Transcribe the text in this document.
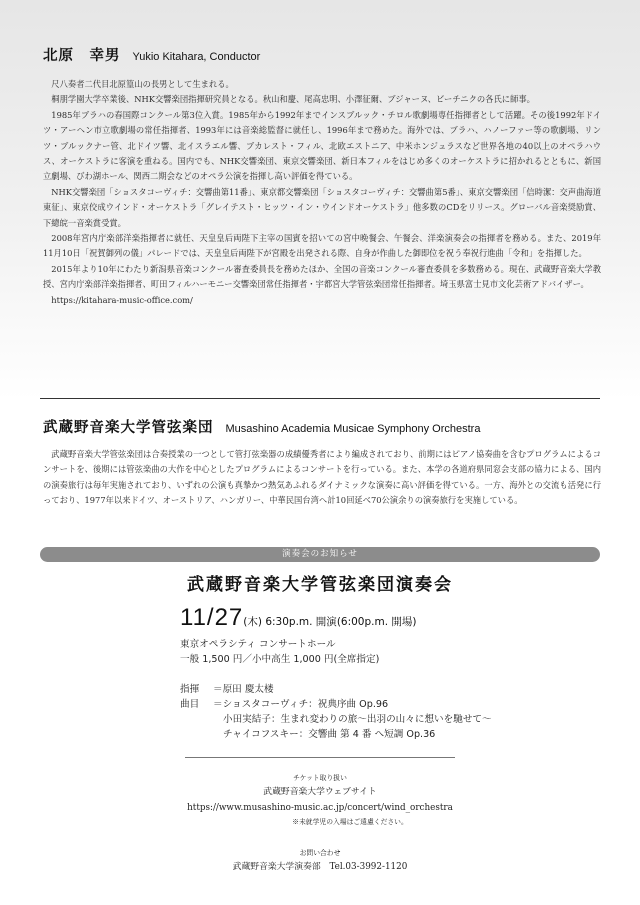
北原　幸男 Yukio Kitahara, Conductor

尺八奏者二代目北原篁山の長男として生まれる。

桐朋学園大学卒業後、NHK交響楽団指揮研究員となる。秋山和慶、尾高忠明、小澤征爾、ブジャーヌ、ビーチニクの各氏に師事。

1985年ブラハの春国際コンクール第3位入賞。1985年から1992年までインスブルック・チロル歌劇場専任指揮者として活躍。その後1992年ドイツ・アーヘン市立歌劇場の常任指揮者、1993年には音楽総監督に就任し、1996年まで務めた。海外では、ブラハ、ハノーファー等の歌劇場、リンツ・ブルックナー管、北ドイツ響、北イスラエル響、ブカレスト・フィル、北欧エストニア、中米ホンジュラスなど世界各地の40以上のオペラハウス、オーケストラに客演を重ねる。国内でも、NHK交響楽団、東京交響楽団、新日本フィルをはじめ多くのオーケストラに招かれるとともに、新国立劇場、びわ湖ホール、関西二期会などのオペラ公演を指揮し高い評価を得ている。

NHK交響楽団「ショスタコーヴィチ：交響曲第11番」、東京都交響楽団「ショスタコーヴィチ：交響曲第5番」、東京交響楽団「信時潔：交声曲海道東征」、東京佼成ウインド・オーケストラ「グレイテスト・ヒッツ・イン・ウインドオーケストラ」他多数のCDをリリース。グローバル音楽奨励賞、下總皖一音楽賞受賞。

2008年宮内庁楽部洋楽指揮者に就任、天皇皇后両陛下主宰の国賓を招いての宮中晩餐会、午餐会、洋楽演奏会の指揮者を務める。また、2019年11月10日「祝賀御列の儀」パレードでは、天皇皇后両陛下が宮殿を出発される際、自身が作曲した御即位を祝う奉祝行進曲「令和」を指揮した。

2015年より10年にわたり新潟県音楽コンクール審査委員長を務めたほか、全国の音楽コンクール審査委員を多数務める。現在、武蔵野音楽大学教授、宮内庁楽部洋楽指揮者、町田フィルハーモニー交響楽団常任指揮者・宇都宮大学管弦楽団常任指揮者。埼玉県富士見市文化芸術アドバイザー。

https://kitahara-music-office.com/

武蔵野音楽大学管弦楽団 Musashino Academia Musicae Symphony Orchestra

武蔵野音楽大学管弦楽団は合奏授業の一つとして管打弦楽器の成績優秀者により編成されており、前期にはピアノ協奏曲を含むプログラムによるコンサートを、後期には管弦楽曲の大作を中心としたプログラムによるコンサートを行っている。また、本学の各道府県同窓会支部の協力による、国内の演奏旅行は毎年実施されており、いずれの公演も真摯かつ熱気あふれるダイナミックな演奏に高い評価を得ている。一方、海外との交流も活発に行っており、1977年以来ドイツ、オーストリア、ハンガリー、中華民国台湾へ計10回延べ70公演余りの演奏旅行を実施している。

演奏会のお知らせ
武蔵野音楽大学管弦楽団演奏会
11/27(木) 6:30p.m. 開演(6:00p.m. 開場)
東京オペラシティ コンサートホール
一般 1,500 円／小中高生 1,000 円(全席指定)
指揮	＝原田 慶太楼
曲目	＝ショスタコーヴィチ：祝典序曲 Op.96
小田実結子：生まれ変わりの旅〜出羽の山々に想いを馳せて〜
チャイコフスキー：交響曲 第 4 番 へ短調 Op.36
チケット取り扱い
武蔵野音楽大学ウェブサイト
https://www.musashino-music.ac.jp/concert/wind_orchestra
※未就学児の入場はご遠慮ください。
お問い合わせ
武蔵野音楽大学演奏部　 Tel.03-3992-1120
